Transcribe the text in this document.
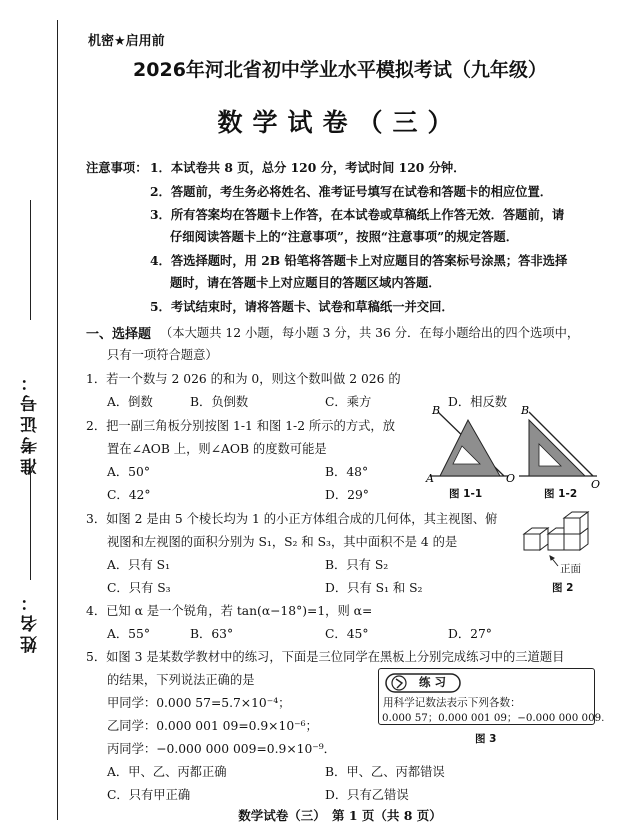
准考证号：
姓名：
机密★启用前
2026年河北省初中学业水平模拟考试（九年级）
数学试卷（三）
注意事项： 1．本试卷共 8 页，总分 120 分，考试时间 120 分钟．
2．答题前，考生务必将姓名、准考证号填写在试卷和答题卡的相应位置．
3．所有答案均在答题卡上作答，在本试卷或草稿纸上作答无效．答题前，请
仔细阅读答题卡上的“注意事项”，按照“注意事项”的规定答题．
4．答选择题时，用 2B 铅笔将答题卡上对应题目的答案标号涂黑；答非选择
题时，请在答题卡上对应题目的答题区域内答题．
5．考试结束时，请将答题卡、试卷和草稿纸一并交回．
一、选择题 （本大题共 12 小题，每小题 3 分，共 36 分．在每小题给出的四个选项中，
只有一项符合题意）
1．若一个数与 2 026 的和为 0，则这个数叫做 2 026 的
A．倒数	B．负倒数	C．乘方	D．相反数
2．把一副三角板分别按图 1-1 和图 1-2 所示的方式，放
置在∠AOB 上，则∠AOB 的度数可能是
A．50°	B．48°
C．42°	D．29°
A
B
O
图 1-1
B
O
图 1-2
3．如图 2 是由 5 个棱长均为 1 的小正方体组合成的几何体，其主视图、俯
视图和左视图的面积分别为 S₁，S₂ 和 S₃，其中面积不是 4 的是
A．只有 S₁	B．只有 S₂
C．只有 S₃	D．只有 S₁ 和 S₂
正面
图 2
4．已知 α 是一个锐角，若 tan(α−18°)=1，则 α=
A．55°	B．63°	C．45°	D．27°
5．如图 3 是某数学教材中的练习，下面是三位同学在黑板上分别完成练习中的三道题目
的结果，下列说法正确的是
甲同学：0.000 57=5.7×10⁻⁴；
乙同学：0.000 001 09=0.9×10⁻⁶；
丙同学：−0.000 000 009=0.9×10⁻⁹．
A．甲、乙、丙都正确	B．甲、乙、丙都错误
C．只有甲正确	D．只有乙错误
练 习
用科学记数法表示下列各数：
0.000 57；0.000 001 09；−0.000 000 009.
图 3
数学试卷（三）　第 1 页（共 8 页）
